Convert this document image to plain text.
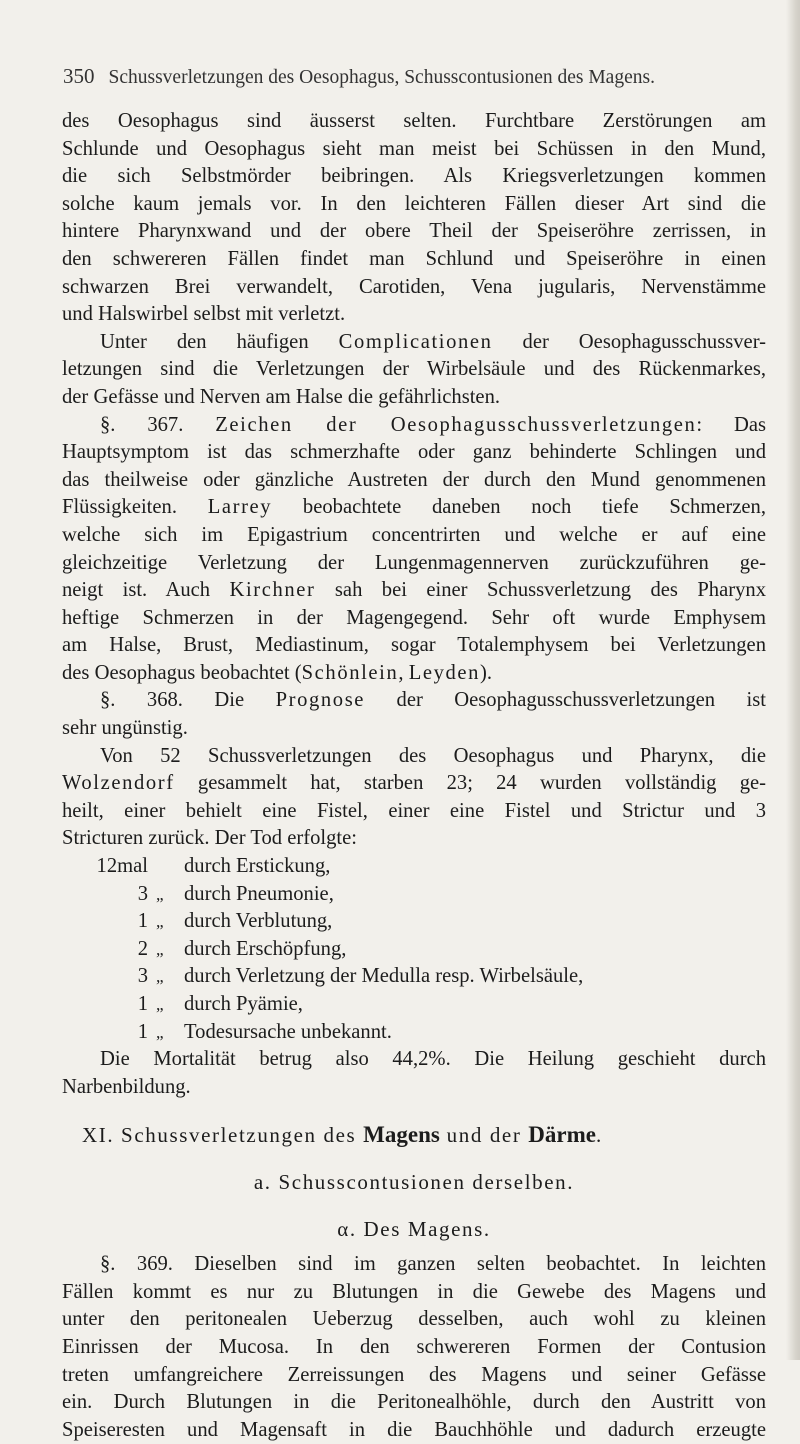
350 Schussverletzungen des Oesophagus, Schusscontusionen des Magens.
des Oesophagus sind äusserst selten. Furchtbare Zerstörungen am
Schlunde und Oesophagus sieht man meist bei Schüssen in den Mund,
die sich Selbstmörder beibringen. Als Kriegsverletzungen kommen
solche kaum jemals vor. In den leichteren Fällen dieser Art sind die
hintere Pharynxwand und der obere Theil der Speiseröhre zerrissen, in
den schwereren Fällen findet man Schlund und Speiseröhre in einen
schwarzen Brei verwandelt, Carotiden, Vena jugularis, Nervenstämme
und Halswirbel selbst mit verletzt.
Unter den häufigen Complicationen der Oesophagusschussver-
letzungen sind die Verletzungen der Wirbelsäule und des Rückenmarkes,
der Gefässe und Nerven am Halse die gefährlichsten.
§. 367. Zeichen der Oesophagusschussverletzungen: Das
Hauptsymptom ist das schmerzhafte oder ganz behinderte Schlingen und
das theilweise oder gänzliche Austreten der durch den Mund genommenen
Flüssigkeiten. Larrey beobachtete daneben noch tiefe Schmerzen,
welche sich im Epigastrium concentrirten und welche er auf eine
gleichzeitige Verletzung der Lungenmagennerven zurückzuführen ge-
neigt ist. Auch Kirchner sah bei einer Schussverletzung des Pharynx
heftige Schmerzen in der Magengegend. Sehr oft wurde Emphysem
am Halse, Brust, Mediastinum, sogar Totalemphysem bei Verletzungen
des Oesophagus beobachtet (Schönlein, Leyden).
§. 368. Die Prognose der Oesophagusschussverletzungen ist
sehr ungünstig.
Von 52 Schussverletzungen des Oesophagus und Pharynx, die
Wolzendorf gesammelt hat, starben 23; 24 wurden vollständig ge-
heilt, einer behielt eine Fistel, einer eine Fistel und Strictur und 3
Stricturen zurück. Der Tod erfolgte:
12mal durch Erstickung,
3 „ durch Pneumonie,
1 „ durch Verblutung,
2 „ durch Erschöpfung,
3 „ durch Verletzung der Medulla resp. Wirbelsäule,
1 „ durch Pyämie,
1 „ Todesursache unbekannt.
Die Mortalität betrug also 44,2%. Die Heilung geschieht durch
Narbenbildung.
XI. Schussverletzungen des Magens und der Därme.
a. Schusscontusionen derselben.
α. Des Magens.
§. 369. Dieselben sind im ganzen selten beobachtet. In leichten
Fällen kommt es nur zu Blutungen in die Gewebe des Magens und
unter den peritonealen Ueberzug desselben, auch wohl zu kleinen
Einrissen der Mucosa. In den schwereren Formen der Contusion
treten umfangreichere Zerreissungen des Magens und seiner Gefässe
ein. Durch Blutungen in die Peritonealhöhle, durch den Austritt von
Speiseresten und Magensaft in die Bauchhöhle und dadurch erzeugte
